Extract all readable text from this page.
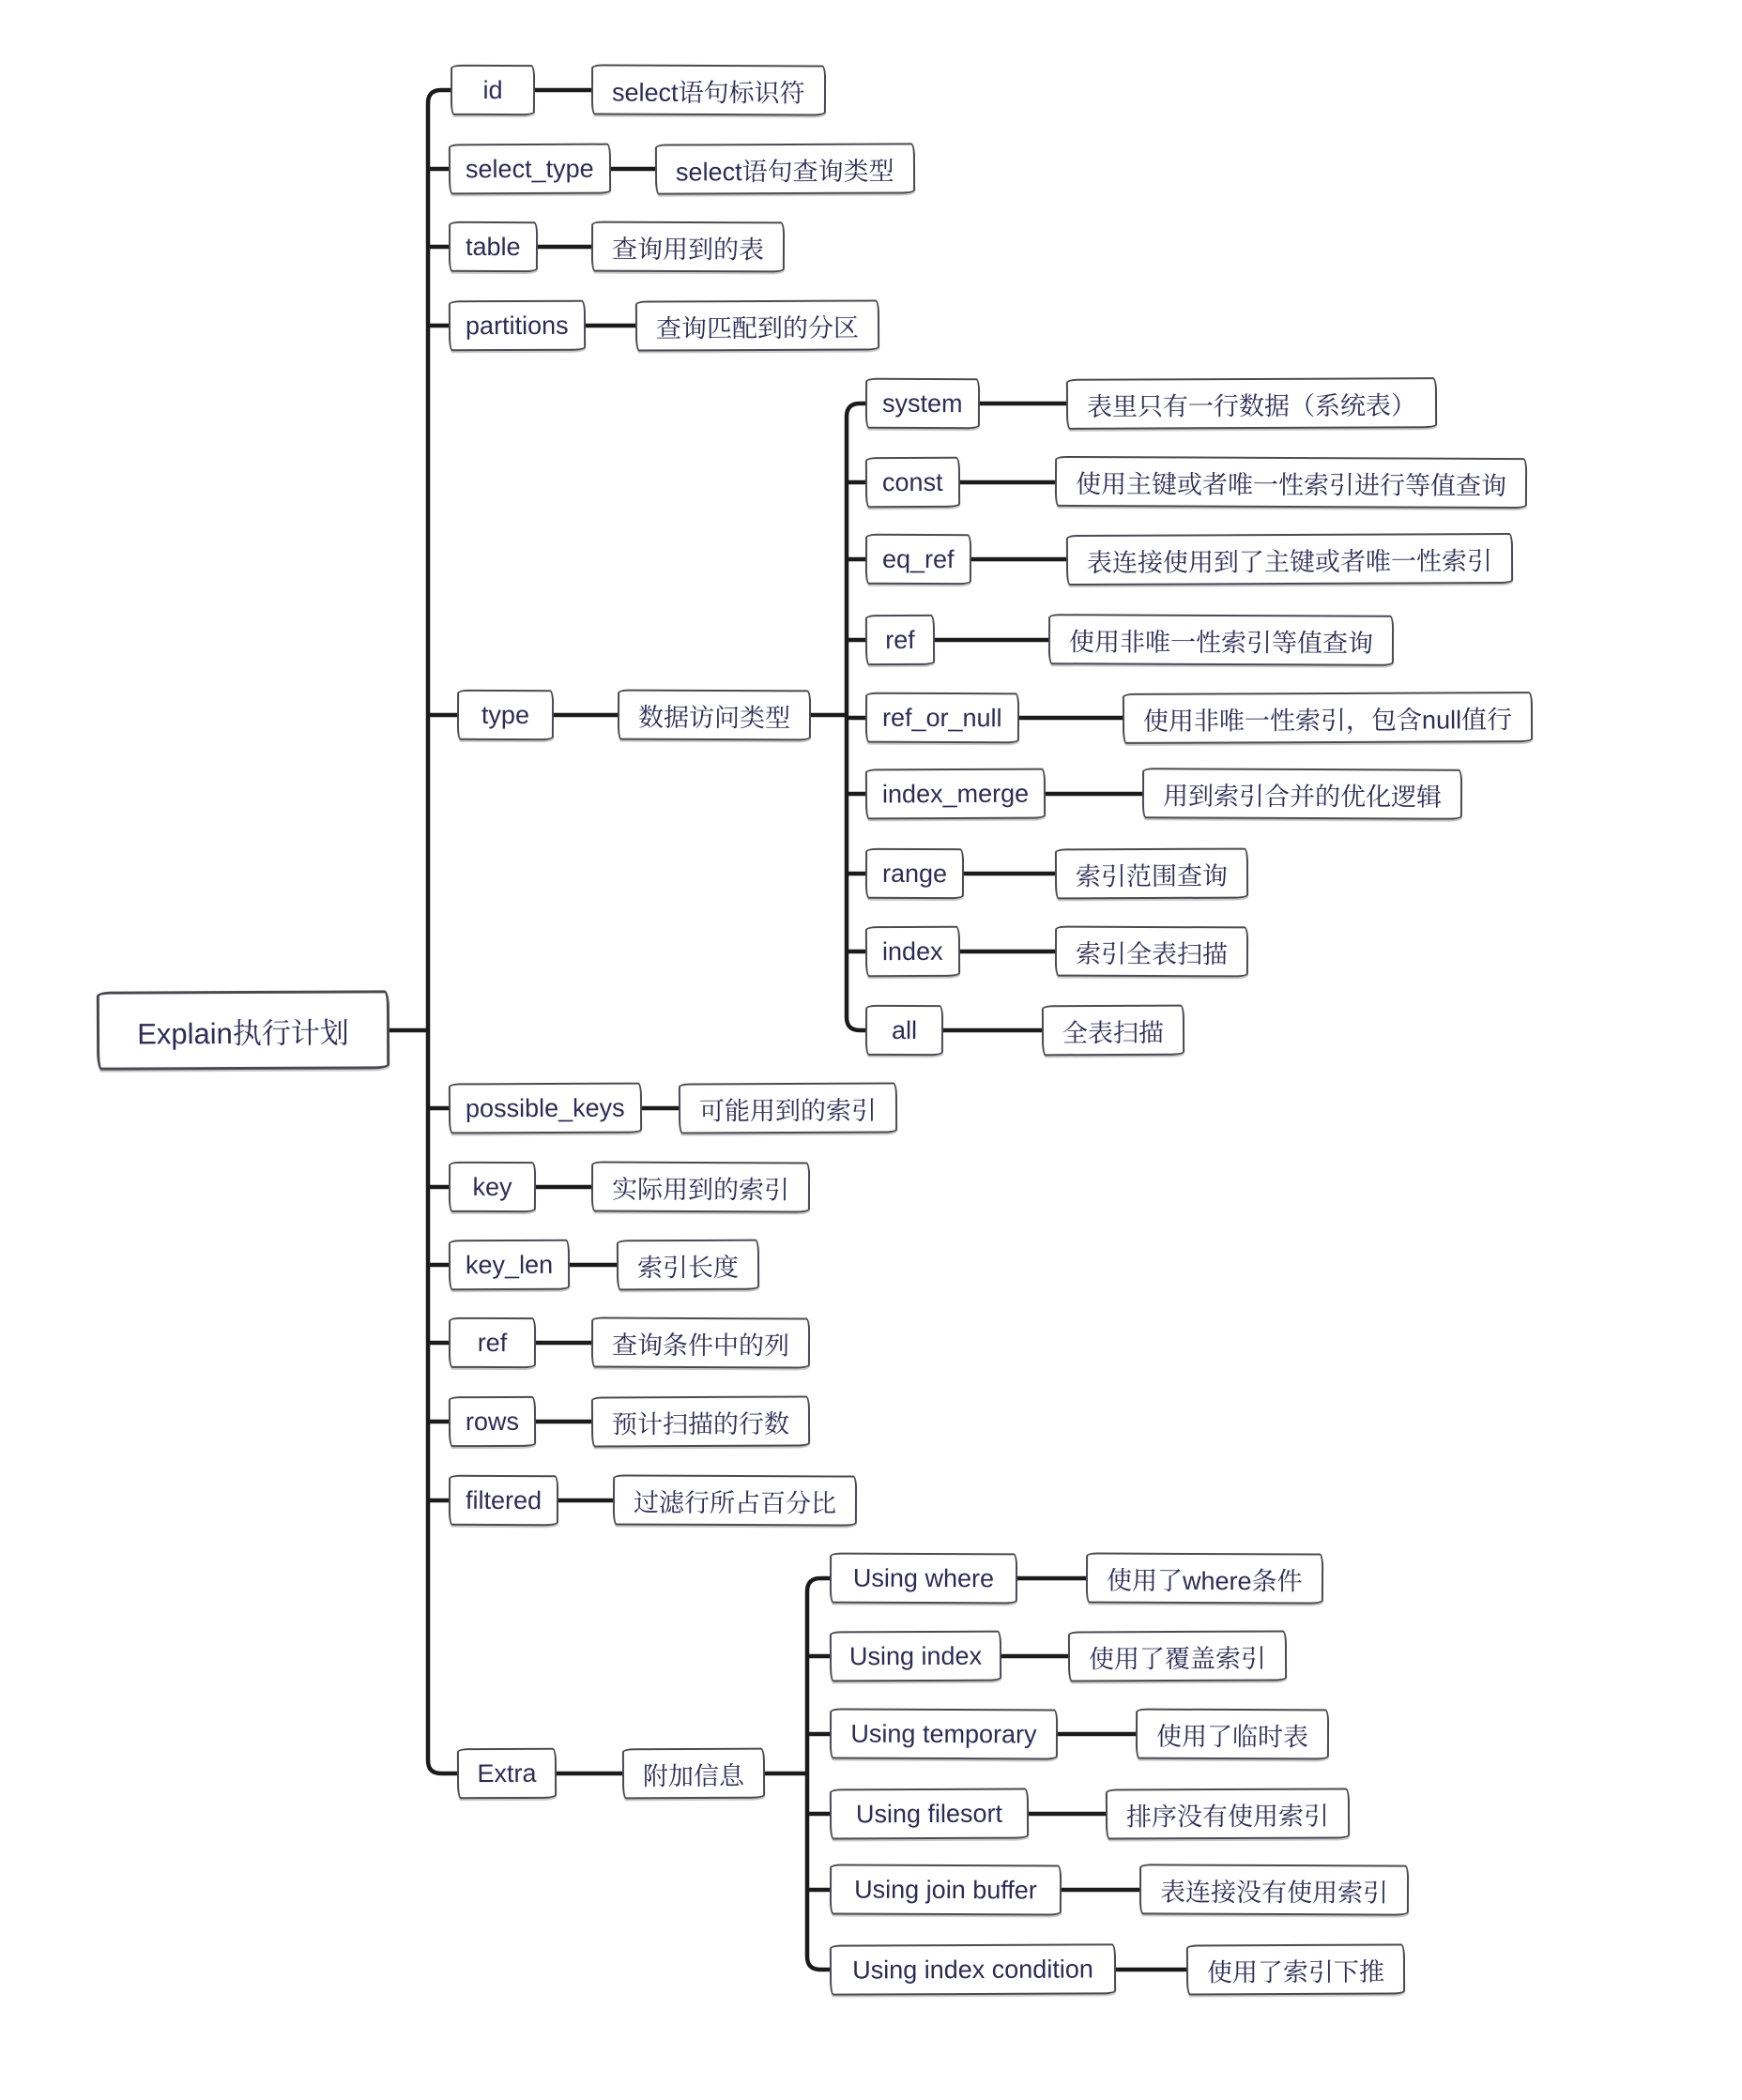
Explain执行计划
id
select_type
table
partitions
type
possible_keys
key
key_len
ref
rows
filtered
Extra
select语句标识符
select语句查询类型
查询用到的表
查询匹配到的分区
数据访问类型
可能用到的索引
实际用到的索引
索引长度
查询条件中的列
预计扫描的行数
过滤行所占百分比
附加信息
system
const
eq_ref
ref
ref_or_null
index_merge
range
index
all
表里只有一行数据（系统表）
使用主键或者唯一性索引进行等值查询
表连接使用到了主键或者唯一性索引
使用非唯一性索引等值查询
使用非唯一性索引，包含null值行
用到索引合并的优化逻辑
索引范围查询
索引全表扫描
全表扫描
Using where
Using index
Using temporary
Using filesort
Using join buffer
Using index condition
使用了where条件
使用了覆盖索引
使用了临时表
排序没有使用索引
表连接没有使用索引
使用了索引下推
